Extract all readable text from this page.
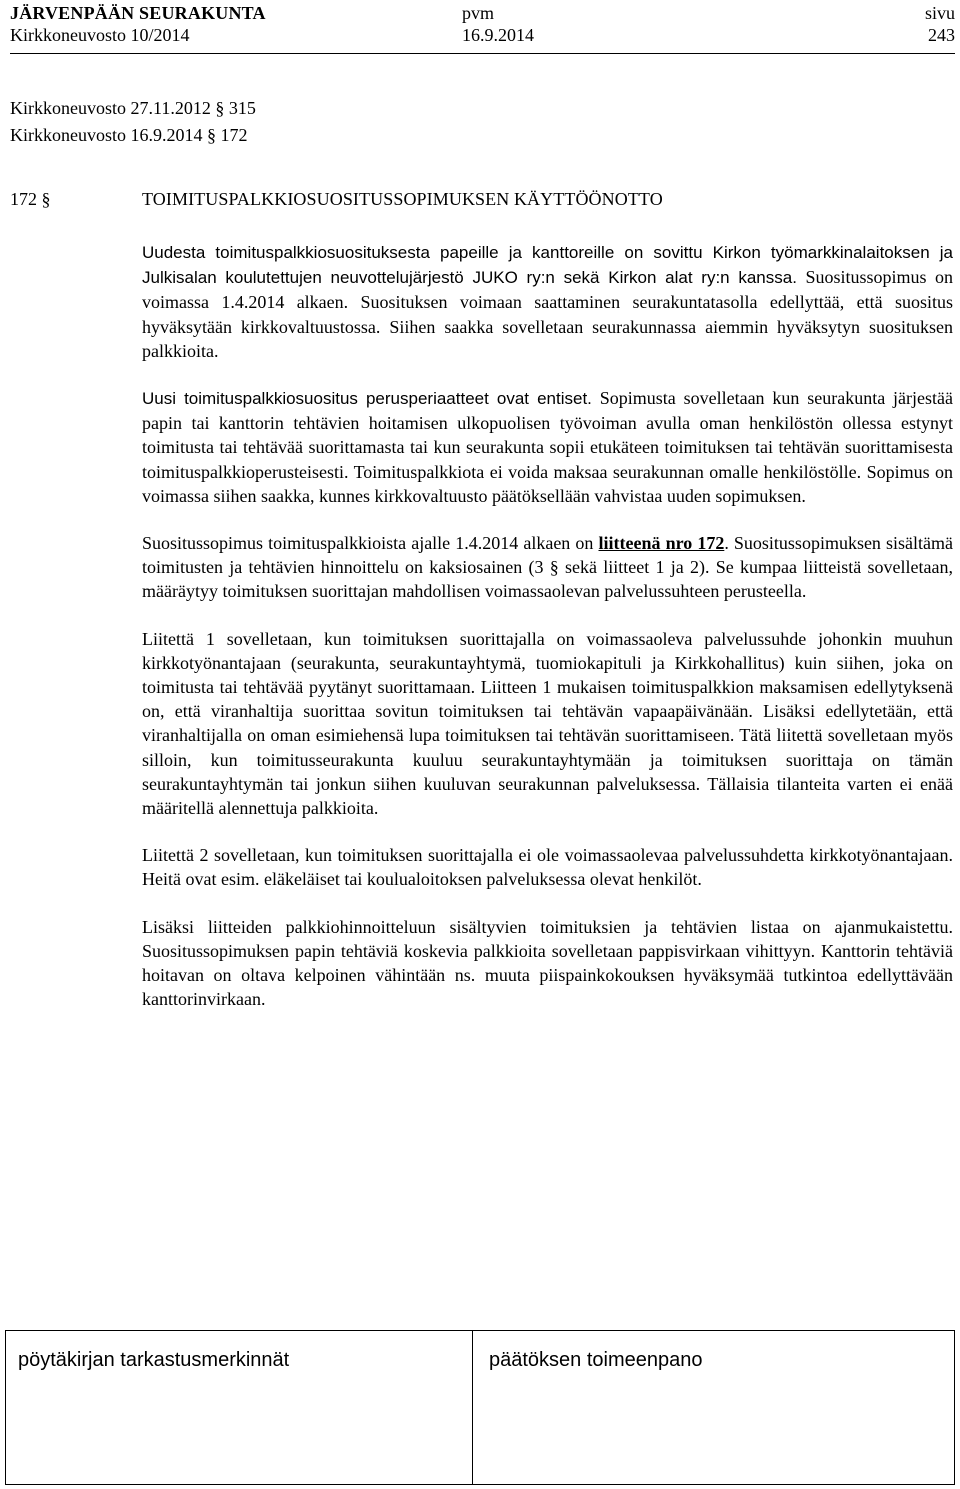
JÄRVENPÄÄN SEURAKUNTA	pvm	sivu
Kirkkoneuvosto 10/2014	16.9.2014	243
Kirkkoneuvosto 27.11.2012 § 315
Kirkkoneuvosto 16.9.2014 § 172
172 §	TOIMITUSPALKKIOSUOSITUSSOPIMUKSEN KÄYTTÖÖNOTTO

Uudesta toimituspalkkiosuosituksesta papeille ja kanttoreille on sovittu Kirkon työmarkkinalaitoksen ja Julkisalan koulutettujen neuvottelujärjestö JUKO ry:n sekä Kirkon alat ry:n kanssa. Suositussopimus on voimassa 1.4.2014 alkaen. Suosituksen voimaan saattaminen seurakuntatasolla edellyttää, että suositus hyväksytään kirkkovaltuustossa. Siihen saakka sovelletaan seurakunnassa aiemmin hyväksytyn suosituksen palkkioita.

Uusi toimituspalkkiosuositus perusperiaatteet ovat entiset. Sopimusta sovelletaan kun seurakunta järjestää papin tai kanttorin tehtävien hoitamisen ulkopuolisen työvoiman avulla oman henkilöstön ollessa estynyt toimitusta tai tehtävää suorittamasta tai kun seurakunta sopii etukäteen toimituksen tai tehtävän suorittamisesta toimituspalkkioperusteisesti. Toimituspalkkiota ei voida maksaa seurakunnan omalle henkilöstölle. Sopimus on voimassa siihen saakka, kunnes kirkkovaltuusto päätöksellään vahvistaa uuden sopimuksen.

Suositussopimus toimituspalkkioista ajalle 1.4.2014 alkaen on liitteenä nro 172. Suositussopimuksen sisältämä toimitusten ja tehtävien hinnoittelu on kaksiosainen (3 § sekä liitteet 1 ja 2). Se kumpaa liitteistä sovelletaan, määräytyy toimituksen suorittajan mahdollisen voimassaolevan palvelussuhteen perusteella.

Liitettä 1 sovelletaan, kun toimituksen suorittajalla on voimassaoleva palvelussuhde johonkin muuhun kirkkotyönantajaan (seurakunta, seurakuntayhtymä, tuomiokapituli ja Kirkkohallitus) kuin siihen, joka on toimitusta tai tehtävää pyytänyt suorittamaan. Liitteen 1 mukaisen toimituspalkkion maksamisen edellytyksenä on, että viranhaltija suorittaa sovitun toimituksen tai tehtävän vapaapäivänään. Lisäksi edellytetään, että viranhaltijalla on oman esimiehensä lupa toimituksen tai tehtävän suorittamiseen. Tätä liitettä sovelletaan myös silloin, kun toimitusseurakunta kuuluu seurakuntayhtymään ja toimituksen suorittaja on tämän seurakuntayhtymän tai jonkun siihen kuuluvan seurakunnan palveluksessa. Tällaisia tilanteita varten ei enää määritellä alennettuja palkkioita.

Liitettä 2 sovelletaan, kun toimituksen suorittajalla ei ole voimassaolevaa palvelussuhdetta kirkkotyönantajaan. Heitä ovat esim. eläkeläiset tai koulualoitoksen palveluksessa olevat henkilöt.

Lisäksi liitteiden palkkiohinnoitteluun sisältyvien toimituksien ja tehtävien listaa on ajanmukaistettu. Suositussopimuksen papin tehtäviä koskevia palkkioita sovelletaan pappisvirkaan vihittyyn. Kanttorin tehtäviä hoitavan on oltava kelpoinen vähintään ns. muuta piispainkokouksen hyväksymää tutkintoa edellyttävään kanttorinvirkaan.

pöytäkirjan tarkastusmerkinnät	päätöksen toimeenpano
